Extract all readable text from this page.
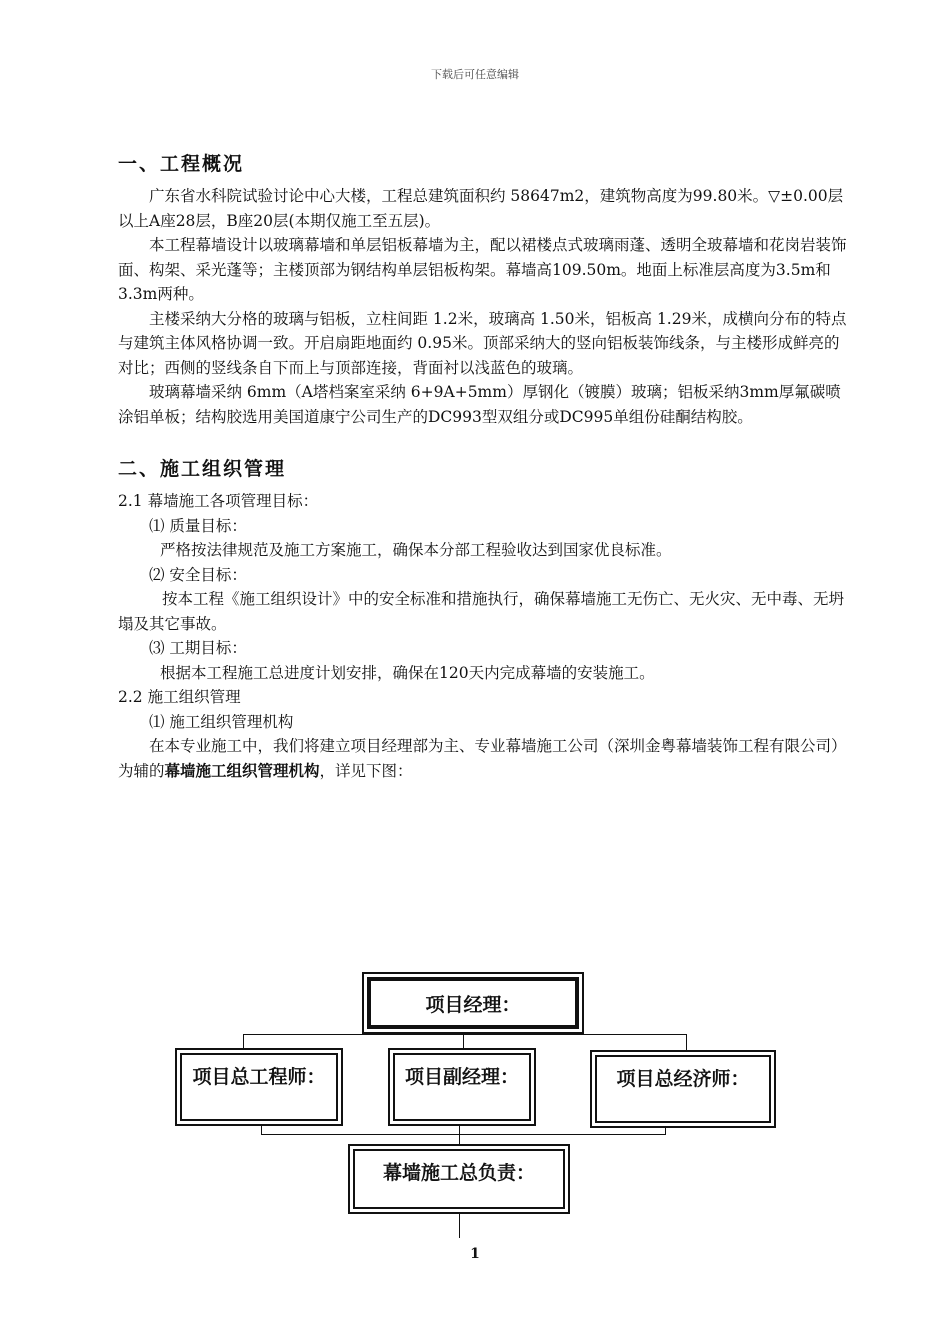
下载后可任意编辑
一、工程概况

广东省水科院试验讨论中心大楼，工程总建筑面积约 58647m2，建筑物高度为99.80米。▽±0.00层以上A座28层，B座20层(本期仅施工至五层)。

本工程幕墙设计以玻璃幕墙和单层铝板幕墙为主，配以裙楼点式玻璃雨蓬、透明全玻幕墙和花岗岩装饰面、构架、采光蓬等；主楼顶部为钢结构单层铝板构架。幕墙高109.50m。地面上标准层高度为3.5m和3.3m两种。

主楼采纳大分格的玻璃与铝板，立柱间距 1.2米，玻璃高 1.50米，铝板高 1.29米，成横向分布的特点与建筑主体风格协调一致。开启扇距地面约 0.95米。顶部采纳大的竖向铝板装饰线条，与主楼形成鲜亮的对比；西侧的竖线条自下而上与顶部连接，背面衬以浅蓝色的玻璃。

玻璃幕墙采纳 6mm（A塔档案室采纳 6+9A+5mm）厚钢化（镀膜）玻璃；铝板采纳3mm厚氟碳喷涂铝单板；结构胶选用美国道康宁公司生产的DC993型双组分或DC995单组份硅酮结构胶。

二、施工组织管理

2.1 幕墙施工各项管理目标：

⑴ 质量目标：

严格按法律规范及施工方案施工，确保本分部工程验收达到国家优良标准。

⑵ 安全目标：

按本工程《施工组织设计》中的安全标准和措施执行，确保幕墙施工无伤亡、无火灾、无中毒、无坍塌及其它事故。

⑶ 工期目标：

根据本工程施工总进度计划安排，确保在120天内完成幕墙的安装施工。

2.2 施工组织管理

⑴ 施工组织管理机构

在本专业施工中，我们将建立项目经理部为主、专业幕墙施工公司（深圳金粤幕墙装饰工程有限公司）为辅的幕墙施工组织管理机构，详见下图：

项目经理：
项目总工程师：	项目副经理：	项目总经济师：
幕墙施工总负责：
1
